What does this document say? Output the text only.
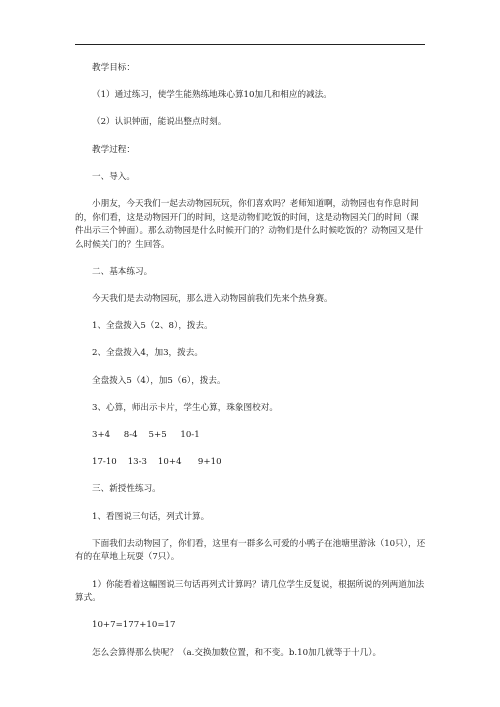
教学目标：

（1）通过练习，使学生能熟练地珠心算10加几和相应的减法。

（2）认识钟面，能说出整点时刻。

教学过程：

一、导入。

小朋友，今天我们一起去动物园玩玩，你们喜欢吗？老师知道啊，动物园也有作息时间的，你们看，这是动物园开门的时间，这是动物们吃饭的时间，这是动物园关门的时间（课件出示三个钟面）。那么动物园是什么时候开门的？动物们是什么时候吃饭的？动物园又是什么时候关门的？生回答。

二、基本练习。

今天我们是去动物园玩，那么进入动物园前我们先来个热身赛。

1、全盘拨入5（2、8），拨去。

2、全盘拨入4，加3，拨去。

全盘拨入5（4），加5（6），拨去。

3、心算，师出示卡片，学生心算，珠象图校对。

3+4     8-4    5+5     10-1

17-10    13-3    10+4      9+10

三、新授性练习。

1、看图说三句话，列式计算。

下面我们去动物园了，你们看，这里有一群多么可爱的小鸭子在池塘里游泳（10只），还有的在草地上玩耍（7只）。

1）你能看着这幅图说三句话再列式计算吗？请几位学生反复说，根据所说的列两道加法算式。

10+7=177+10=17

怎么会算得那么快呢？（a.交换加数位置，和不变。b.10加几就等于十几）。
